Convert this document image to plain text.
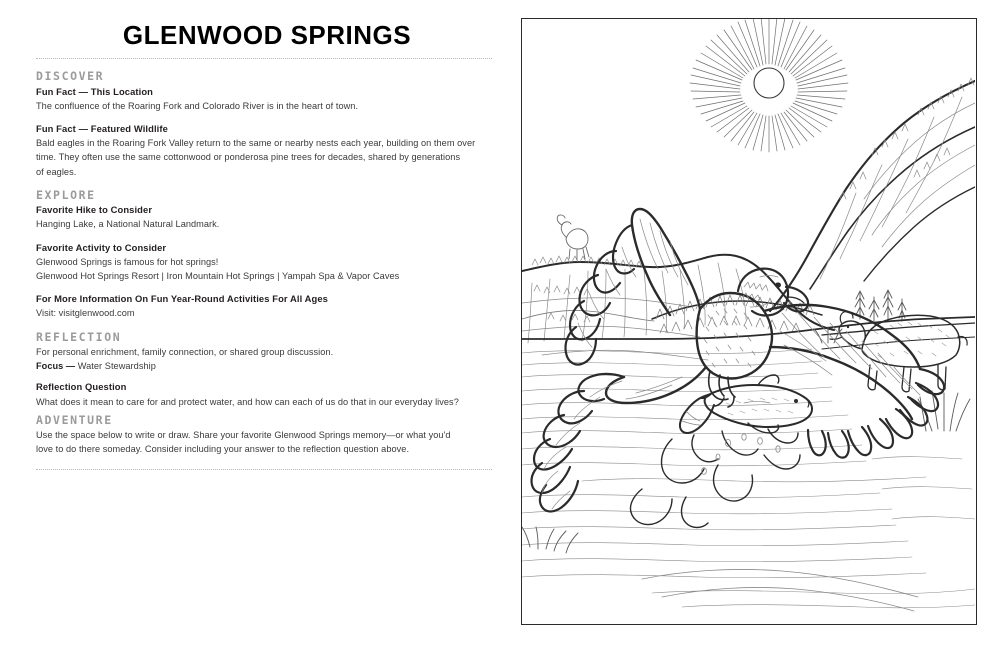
GLENWOOD SPRINGS
DISCOVER

Fun Fact — This Location

The confluence of the Roaring Fork and Colorado River is in the heart of town.

Fun Fact — Featured Wildlife

Bald eagles in the Roaring Fork Valley return to the same or nearby nests each year, building on them over

time. They often use the same cottonwood or ponderosa pine trees for decades, shared by generations

of eagles.

EXPLORE

Favorite Hike to Consider

Hanging Lake, a National Natural Landmark.

Favorite Activity to Consider

Glenwood Springs is famous for hot springs!

Glenwood Hot Springs Resort | Iron Mountain Hot Springs | Yampah Spa & Vapor Caves

For More Information On Fun Year-Round Activities For All Ages

Visit: visitglenwood.com

REFLECTION

For personal enrichment, family connection, or shared group discussion.

Focus — Water Stewardship

Reflection Question

What does it mean to care for and protect water, and how can each of us do that in our everyday lives?

ADVENTURE

Use the space below to write or draw. Share your favorite Glenwood Springs memory—or what you'd

love to do there someday. Consider including your answer to the reflection question above.
